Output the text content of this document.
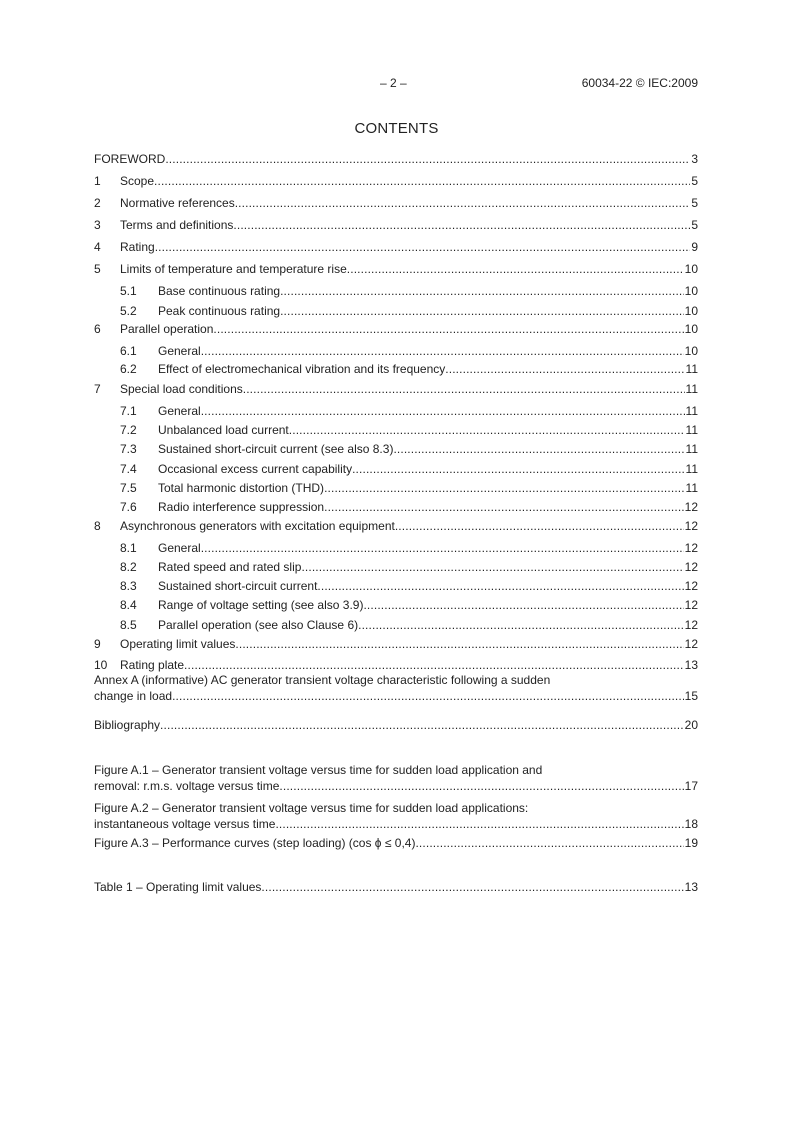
– 2 –	60034-22 © IEC:2009
CONTENTS
FOREWORD . . .	3
1	Scope . . .	5
2	Normative references . . .	5
3	Terms and definitions . . .	5
4	Rating . . .	9
5	Limits of temperature and temperature rise . . .	10
5.1	Base continuous rating . . .	10
5.2	Peak continuous rating . . .	10
6	Parallel operation . . .	10
6.1	General . . .	10
6.2	Effect of electromechanical vibration and its frequency . . .	11
7	Special load conditions . . .	11
7.1	General . . .	11
7.2	Unbalanced load current . . .	11
7.3	Sustained short-circuit current (see also 8.3) . . .	11
7.4	Occasional excess current capability . . .	11
7.5	Total harmonic distortion (THD) . . .	11
7.6	Radio interference suppression . . .	12
8	Asynchronous generators with excitation equipment . . .	12
8.1	General . . .	12
8.2	Rated speed and rated slip . . .	12
8.3	Sustained short-circuit current . . .	12
8.4	Range of voltage setting (see also 3.9) . . .	12
8.5	Parallel operation (see also Clause 6) . . .	12
9	Operating limit values . . .	12
10	Rating plate . . .	13
Annex A (informative) AC generator transient voltage characteristic following a sudden
change in load . . .	15
Bibliography . . .	20
Figure A.1 – Generator transient voltage versus time for sudden load application and
removal: r.m.s. voltage versus time . . .	17
Figure A.2 – Generator transient voltage versus time for sudden load applications:
instantaneous voltage versus time . . .	18
Figure A.3 – Performance curves (step loading) (cos ϕ ≤ 0,4) . . .	19
Table 1 – Operating limit values . . .	13
